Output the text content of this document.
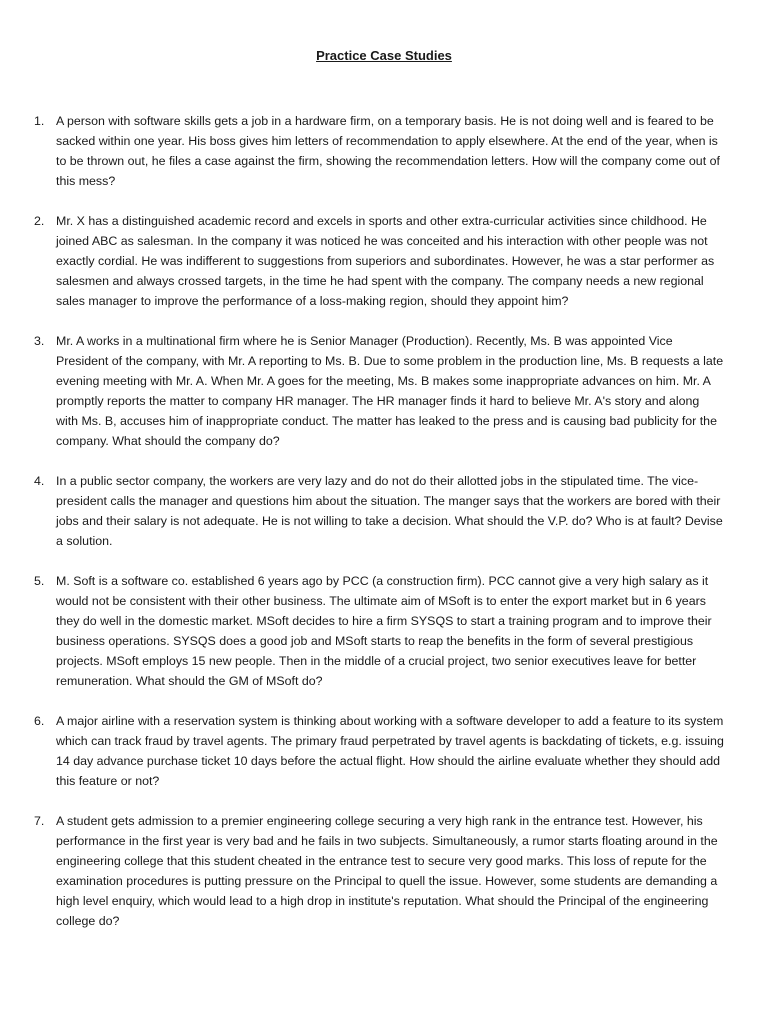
Practice Case Studies
1. A person with software skills gets a job in a hardware firm, on a temporary basis. He is not doing well and is feared to be sacked within one year. His boss gives him letters of recommendation to apply elsewhere. At the end of the year, when is to be thrown out, he files a case against the firm, showing the recommendation letters. How will the company come out of this mess?
2. Mr. X has a distinguished academic record and excels in sports and other extra-curricular activities since childhood. He joined ABC as salesman. In the company it was noticed he was conceited and his interaction with other people was not exactly cordial. He was indifferent to suggestions from superiors and subordinates. However, he was a star performer as salesmen and always crossed targets, in the time he had spent with the company. The company needs a new regional sales manager to improve the performance of a loss-making region, should they appoint him?
3. Mr. A works in a multinational firm where he is Senior Manager (Production). Recently, Ms. B was appointed Vice President of the company, with Mr. A reporting to Ms. B. Due to some problem in the production line, Ms. B requests a late evening meeting with Mr. A. When Mr. A goes for the meeting, Ms. B makes some inappropriate advances on him. Mr. A promptly reports the matter to company HR manager. The HR manager finds it hard to believe Mr. A's story and along with Ms. B, accuses him of inappropriate conduct. The matter has leaked to the press and is causing bad publicity for the company. What should the company do?
4. In a public sector company, the workers are very lazy and do not do their allotted jobs in the stipulated time. The vice-president calls the manager and questions him about the situation. The manger says that the workers are bored with their jobs and their salary is not adequate. He is not willing to take a decision. What should the V.P. do? Who is at fault? Devise a solution.
5. M. Soft is a software co. established 6 years ago by PCC (a construction firm). PCC cannot give a very high salary as it would not be consistent with their other business. The ultimate aim of MSoft is to enter the export market but in 6 years they do well in the domestic market. MSoft decides to hire a firm SYSQS to start a training program and to improve their business operations. SYSQS does a good job and MSoft starts to reap the benefits in the form of several prestigious projects. MSoft employs 15 new people. Then in the middle of a crucial project, two senior executives leave for better remuneration. What should the GM of MSoft do?
6. A major airline with a reservation system is thinking about working with a software developer to add a feature to its system which can track fraud by travel agents. The primary fraud perpetrated by travel agents is backdating of tickets, e.g. issuing 14 day advance purchase ticket 10 days before the actual flight. How should the airline evaluate whether they should add this feature or not?
7. A student gets admission to a premier engineering college securing a very high rank in the entrance test. However, his performance in the first year is very bad and he fails in two subjects. Simultaneously, a rumor starts floating around in the engineering college that this student cheated in the entrance test to secure very good marks. This loss of repute for the examination procedures is putting pressure on the Principal to quell the issue. However, some students are demanding a high level enquiry, which would lead to a high drop in institute's reputation. What should the Principal of the engineering college do?
